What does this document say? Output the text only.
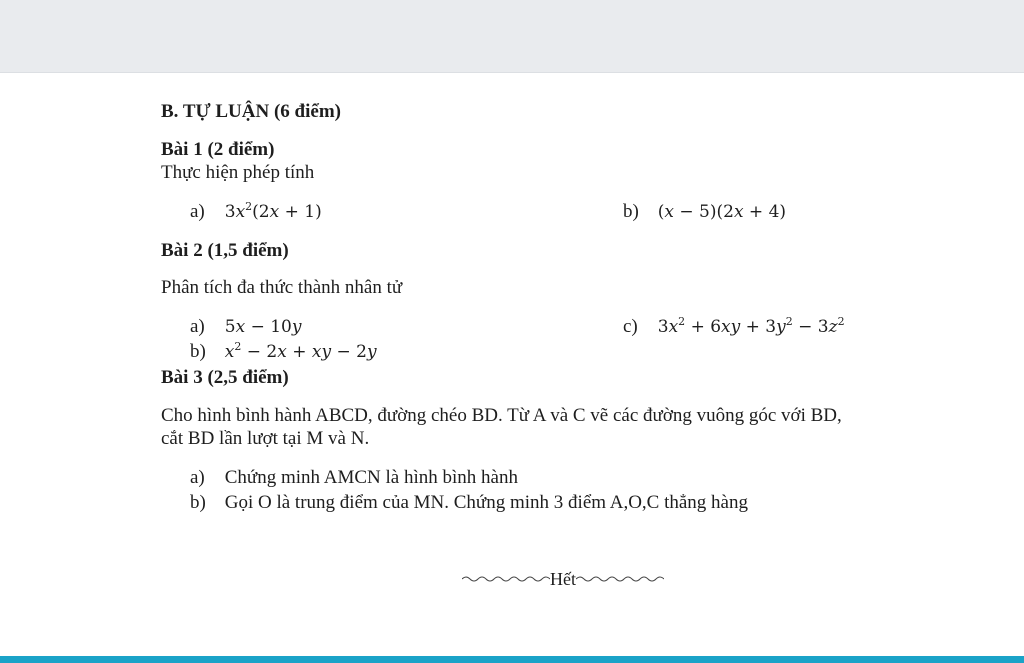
B. TỰ LUẬN (6 điểm)
Bài 1 (2 điểm)
Thực hiện phép tính
a) $3x^2(2x + 1)$	b) (x − 5)(2x + 4)
Bài 2 (1,5 điểm)
Phân tích đa thức thành nhân tử
a) 5x − 10y
b) $x^2 - 2x$ + xy − 2y
c) $3x^2 + 6xy + 3y^2 - 3z^2$
Bài 3 (2,5 điểm)
Cho hình bình hành ABCD, đường chéo BD. Từ A và C vẽ các đường vuông góc với BD,
cắt BD lần lượt tại M và N.
a) Chứng minh AMCN là hình bình hành
b) Gọi O là trung điểm của MN. Chứng minh 3 điểm A,O,C thẳng hàng
Hết
